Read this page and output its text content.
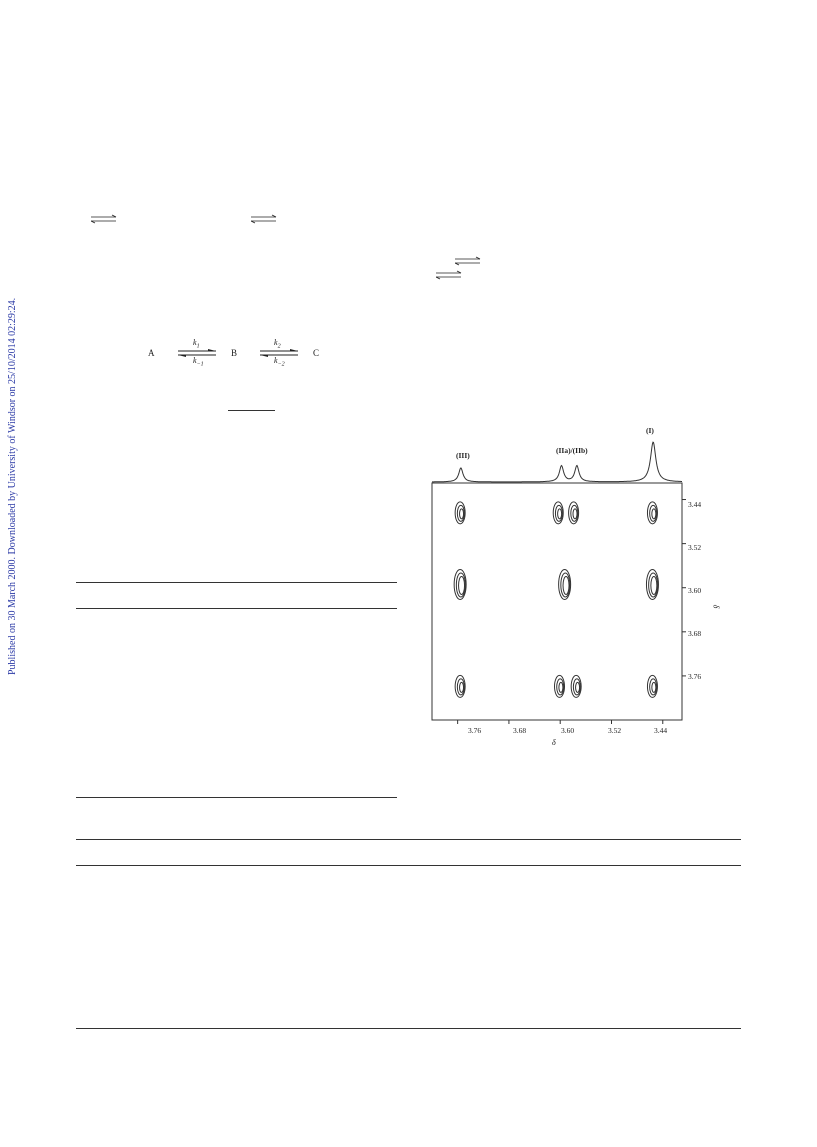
Published on 30 March 2000. Downloaded by University of Windsor on 25/10/2014 02:29:24.	A	B	C
$k_1$
$k_{-1}$
$k_2$
$k_{-2}$
(III)
(IIa)/(IIb)
(I)
3.76	3.68	3.60	3.52	3.44
3.44
3.52
3.60
3.68
3.76
δ
δ
